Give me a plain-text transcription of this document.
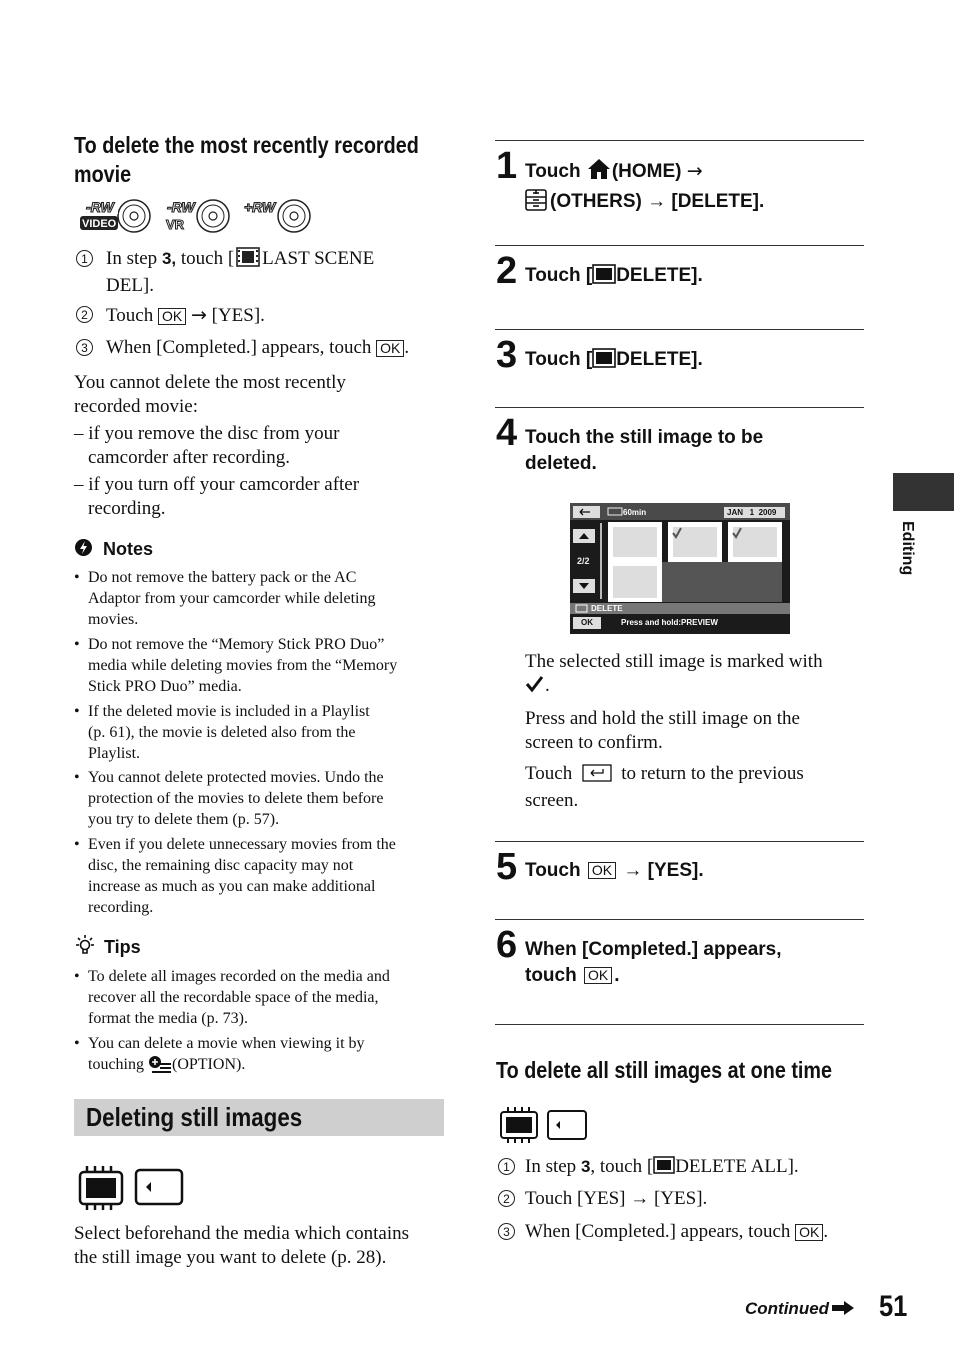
To delete the most recently recorded
movie
-RW
VIDEO
-RW
VR
+RW
1 In step 3, touch [ LAST SCENE
DEL].
2 Touch OK → [YES].
3 When [Completed.] appears, touch OK .
You cannot delete the most recently
recorded movie:
– if you remove the disc from your
camcorder after recording.
– if you turn off your camcorder after
recording.
Notes
• Do not remove the battery pack or the AC
Adaptor from your camcorder while deleting
movies.
• Do not remove the “Memory Stick PRO Duo”
media while deleting movies from the “Memory
Stick PRO Duo” media.
• If the deleted movie is included in a Playlist
(p. 61), the movie is deleted also from the
Playlist.
• You cannot delete protected movies. Undo the
protection of the movies to delete them before
you try to delete them (p. 57).
• Even if you delete unnecessary movies from the
disc, the remaining disc capacity may not
increase as much as you can make additional
recording.
Tips
• To delete all images recorded on the media and
recover all the recordable space of the media,
format the media (p. 73).
• You can delete a movie when viewing it by
touching (OPTION).
Deleting still images
Select beforehand the media which contains
the still image you want to delete (p. 28).
1 Touch (HOME) →
(OTHERS) → [DELETE].
2 Touch [ DELETE].
3 Touch [ DELETE].
4 Touch the still image to be
deleted.
60min	JAN   1  2009
2/2
DELETE
OK	Press and hold:PREVIEW
The selected still image is marked with
.
Press and hold the still image on the
screen to confirm.
Touch	to return to the previous
screen.
5 Touch OK → [YES].
6 When [Completed.] appears,
touch OK .
To delete all still images at one time
1 In step 3, touch [ DELETE ALL].
2 Touch [YES] → [YES].
3 When [Completed.] appears, touch OK .
Editing
Continued	51
